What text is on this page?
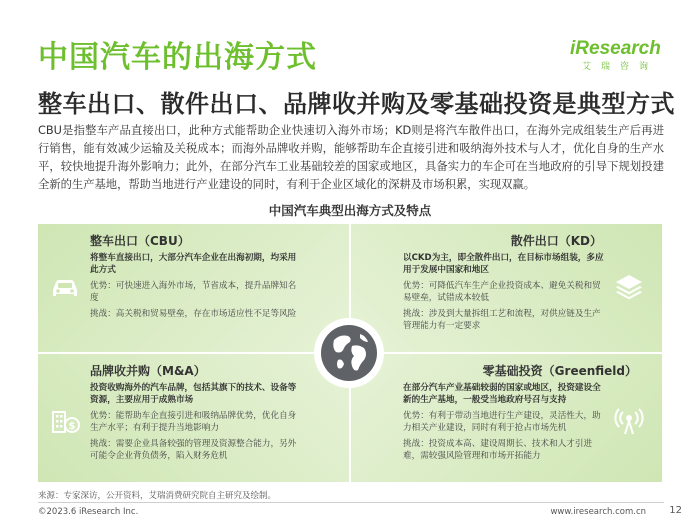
中国汽车的出海方式
整车出口、散件出口、品牌收并购及零基础投资是典型方式
iResearch
艾瑞咨询
CBU是指整车产品直接出口，此种方式能帮助企业快速切入海外市场；KD则是将汽车散件出口，在海外完成组装生产后再进行销售，能有效减少运输及关税成本；而海外品牌收并购，能够帮助车企直接引进和吸纳海外技术与人才，优化自身的生产水平，较快地提升海外影响力；此外，在部分汽车工业基础较差的国家或地区，具备实力的车企可在当地政府的引导下规划投建全新的生产基地，帮助当地进行产业建设的同时，有利于企业区域化的深耕及市场积累，实现双赢。
中国汽车典型出海方式及特点
整车出口（CBU）
将整车直接出口，大部分汽车企业在出海初期，均采用此方式
优势：可快速进入海外市场，节省成本，提升品牌知名度
挑战：高关税和贸易壁垒，存在市场适应性不足等风险
散件出口（KD）
以CKD为主，即全散件出口，在目标市场组装，多应用于发展中国家和地区
优势：可降低汽车生产企业投资成本、避免关税和贸易壁垒，试错成本较低
挑战：涉及到大量拆组工艺和流程，对供应链及生产管理能力有一定要求
品牌收并购（M&A）
$
投资收购海外的汽车品牌，包括其旗下的技术、设备等资源，主要应用于成熟市场
优势：能帮助车企直接引进和吸纳品牌优势，优化自身生产水平；有利于提升当地影响力
挑战：需要企业具备较强的管理及资源整合能力，另外可能令企业背负债务，陷入财务危机
零基础投资（Greenfield）
在部分汽车产业基础较弱的国家或地区，投资建设全新的生产基地，一般受当地政府号召与支持
优势：有利于带动当地进行生产建设，灵活性大，助力相关产业建设，同时有利于抢占市场先机
挑战：投资成本高、建设周期长、技术和人才引进难，需较强风险管理和市场开拓能力
来源：专家深访，公开资料，艾瑞消费研究院自主研究及绘制。
©2023.6 iResearch Inc.	www.iresearch.com.cn 12
